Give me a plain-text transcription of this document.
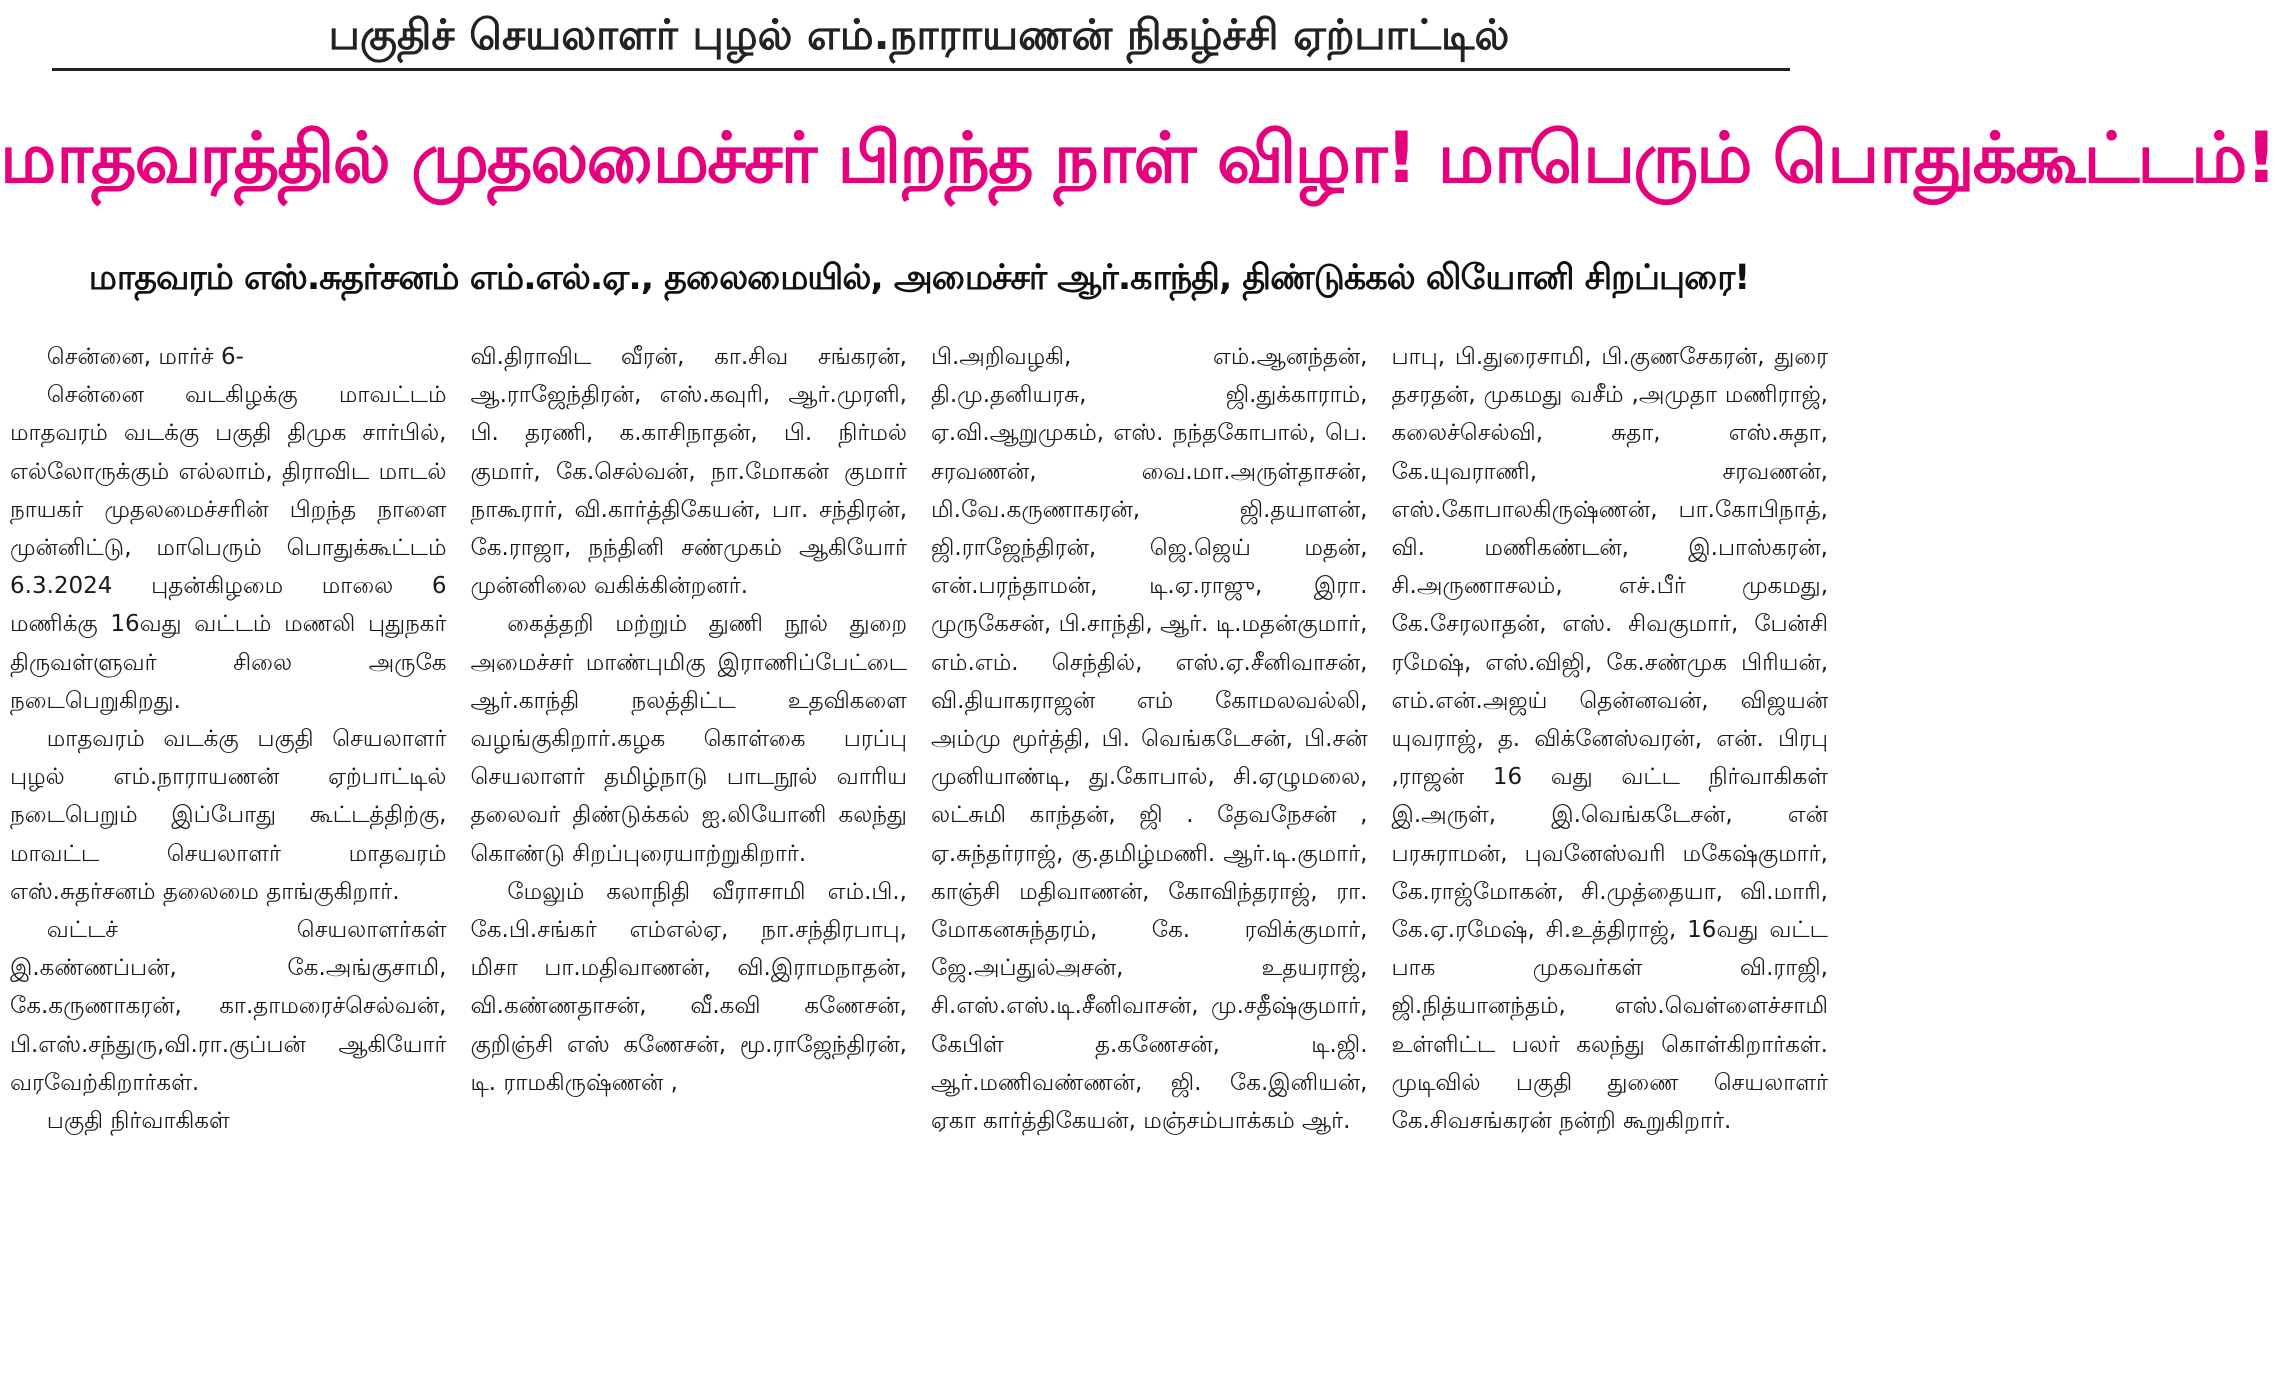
பகுதிச் செயலாளர் புழல் எம்.நாராயணன் நிகழ்ச்சி ஏற்பாட்டில்
மாதவரத்தில் முதலமைச்சர் பிறந்த நாள் விழா! மாபெரும் பொதுக்கூட்டம்!
மாதவரம் எஸ்.சுதர்சனம் எம்.எல்.ஏ., தலைமையில், அமைச்சர் ஆர்.காந்தி, திண்டுக்கல் லியோனி சிறப்புரை!

சென்னை, மார்ச் 6-

சென்னை வடகிழக்கு மாவட்டம் மாதவரம் வடக்கு பகுதி திமுக சார்பில், எல்லோருக்கும் எல்லாம், திராவிட மாடல் நாயகர் முதலமைச்சரின் பிறந்த நாளை முன்னிட்டு, மாபெரும் பொதுக்கூட்டம் 6.3.2024 புதன்கிழமை மாலை 6 மணிக்கு 16வது வட்டம் மணலி புதுநகர் திருவள்ளுவர் சிலை அருகே நடைபெறுகிறது.

மாதவரம் வடக்கு பகுதி செயலாளர் புழல் எம்.நாராயணன் ஏற்பாட்டில் நடைபெறும் இப்போது கூட்டத்திற்கு, மாவட்ட செயலாளர் மாதவரம் எஸ்.சுதர்சனம் தலைமை தாங்குகிறார்.

வட்டச் செயலாளர்கள் இ.கண்ணப்பன், கே.அங்குசாமி, கே.கருணாகரன், கா.தாமரைச்செல்வன், பி.எஸ்.சந்துரு,வி.ரா.குப்பன் ஆகியோர் வரவேற்கிறார்கள்.

பகுதி நிர்வாகிகள்

வி.திராவிட வீரன், கா.சிவ சங்கரன், ஆ.ராஜேந்திரன், எஸ்.கவுரி, ஆர்.முரளி, பி. தரணி, க.காசிநாதன், பி. நிர்மல் குமார், கே.செல்வன், நா.மோகன் குமார் நாகூரார், வி.கார்த்திகேயன், பா. சந்திரன், கே.ராஜா, நந்தினி சண்முகம் ஆகியோர் முன்னிலை வகிக்கின்றனர்.

கைத்தறி மற்றும் துணி நூல் துறை அமைச்சர் மாண்புமிகு இராணிப்பேட்டை ஆர்.காந்தி நலத்திட்ட உதவிகளை வழங்குகிறார்.கழக கொள்கை பரப்பு செயலாளர் தமிழ்நாடு பாடநூல் வாரிய தலைவர் திண்டுக்கல் ஐ.லியோனி கலந்து கொண்டு சிறப்புரையாற்றுகிறார்.

மேலும் கலாநிதி வீராசாமி எம்.பி., கே.பி.சங்கர் எம்எல்ஏ, நா.சந்திரபாபு, மிசா பா.மதிவாணன், வி.இராமநாதன், வி.கண்ணதாசன், வீ.கவி கணேசன், குறிஞ்சி எஸ் கணேசன், மூ.ராஜேந்திரன், டி. ராமகிருஷ்ணன் ,

பி.அறிவழகி, எம்.ஆனந்தன், தி.மு.தனியரசு, ஜி.துக்காராம், ஏ.வி.ஆறுமுகம், எஸ். நந்தகோபால், பெ. சரவணன், வை.மா.அருள்தாசன், மி.வே.கருணாகரன், ஜி.தயாளன், ஜி.ராஜேந்திரன், ஜெ.ஜெய் மதன், என்.பரந்தாமன், டி.ஏ.ராஜு, இரா. முருகேசன், பி.சாந்தி, ஆர். டி.மதன்குமார், எம்.எம். செந்தில், எஸ்.ஏ.சீனிவாசன், வி.தியாகராஜன் எம் கோமலவல்லி, அம்மு மூர்த்தி, பி. வெங்கடேசன், பி.சன் முனியாண்டி, து.கோபால், சி.ஏழுமலை, லட்சுமி காந்தன், ஜி . தேவநேசன் , ஏ.சுந்தர்ராஜ், கு.தமிழ்மணி. ஆர்.டி.குமார், காஞ்சி மதிவாணன், கோவிந்தராஜ், ரா. மோகனசுந்தரம், கே. ரவிக்குமார், ஜே.அப்துல்அசன், உதயராஜ், சி.எஸ்.எஸ்.டி.சீனிவாசன், மு.சதீஷ்குமார், கேபிள் த.கணேசன், டி.ஜி. ஆர்.மணிவண்ணன், ஜி. கே.இனியன், ஏகா கார்த்திகேயன், மஞ்சம்பாக்கம் ஆர்.

பாபு, பி.துரைசாமி, பி.குணசேகரன், துரை தசரதன், முகமது வசீம் ,அமுதா மணிராஜ், கலைச்செல்வி, சுதா, எஸ்.சுதா, கே.யுவராணி, சரவணன், எஸ்.கோபாலகிருஷ்ணன், பா.கோபிநாத், வி. மணிகண்டன், இ.பாஸ்கரன், சி.அருணாசலம், எச்.பீர் முகமது, கே.சேரலாதன், எஸ். சிவகுமார், பேன்சி ரமேஷ், எஸ்.விஜி, கே.சண்முக பிரியன், எம்.என்.அஜய் தென்னவன், விஜயன் யுவராஜ், த. விக்னேஸ்வரன், என். பிரபு ,ராஜன் 16 வது வட்ட நிர்வாகிகள் இ.அருள், இ.வெங்கடேசன், என் பரசுராமன், புவனேஸ்வரி மகேஷ்குமார், கே.ராஜ்மோகன், சி.முத்தையா, வி.மாரி, கே.ஏ.ரமேஷ், சி.உத்திராஜ், 16வது வட்ட பாக முகவர்கள் வி.ராஜி, ஜி.நித்யானந்தம், எஸ்.வெள்ளைச்சாமி உள்ளிட்ட பலர் கலந்து கொள்கிறார்கள். முடிவில் பகுதி துணை செயலாளர் கே.சிவசங்கரன் நன்றி கூறுகிறார்.
